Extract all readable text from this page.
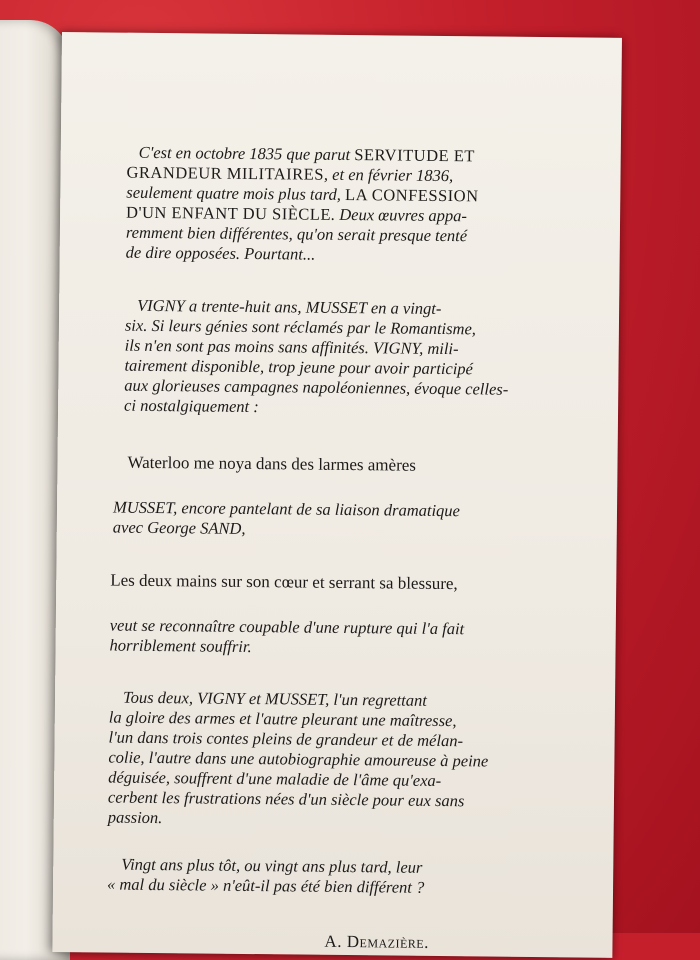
C'est en octobre 1835 que parut SERVITUDE ET
GRANDEUR MILITAIRES, et en février 1836,
seulement quatre mois plus tard, LA CONFESSION
D'UN ENFANT DU SIÈCLE. Deux œuvres appa-
remment bien différentes, qu'on serait presque tenté
de dire opposées. Pourtant...
VIGNY a trente-huit ans, MUSSET en a vingt-
six. Si leurs génies sont réclamés par le Romantisme,
ils n'en sont pas moins sans affinités. VIGNY, mili-
tairement disponible, trop jeune pour avoir participé
aux glorieuses campagnes napoléoniennes, évoque celles-
ci nostalgiquement :
Waterloo me noya dans des larmes amères
MUSSET, encore pantelant de sa liaison dramatique
avec George SAND,
Les deux mains sur son cœur et serrant sa blessure,
veut se reconnaître coupable d'une rupture qui l'a fait
horriblement souffrir.
Tous deux, VIGNY et MUSSET, l'un regrettant
la gloire des armes et l'autre pleurant une maîtresse,
l'un dans trois contes pleins de grandeur et de mélan-
colie, l'autre dans une autobiographie amoureuse à peine
déguisée, souffrent d'une maladie de l'âme qu'exa-
cerbent les frustrations nées d'un siècle pour eux sans
passion.
Vingt ans plus tôt, ou vingt ans plus tard, leur
« mal du siècle » n'eût-il pas été bien différent ?
A. Demazière.
